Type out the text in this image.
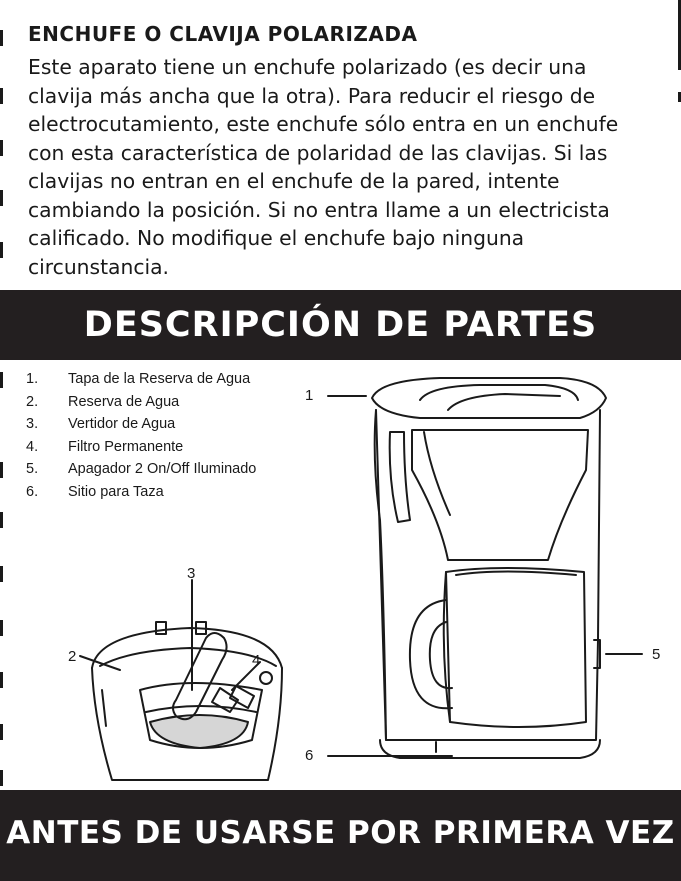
ENCHUFE O CLAVIJA POLARIZADA
Este aparato tiene un enchufe polarizado (es decir una
clavija más ancha que la otra). Para reducir el riesgo de
electrocutamiento, este enchufe sólo entra en un enchufe
con esta característica de polaridad de las clavijas. Si las
clavijas no entran en el enchufe de la pared, intente
cambiando la posición. Si no entra llame a un electricista
calificado. No modifique el enchufe bajo ninguna
circunstancia.
DESCRIPCIÓN DE PARTES
1. Tapa de la Reserva de Agua
2. Reserva de Agua
3. Vertidor de Agua
4. Filtro Permanente
5. Apagador 2 On/Off Iluminado
6. Sitio para Taza
1
2
3
4	5
6
ANTES DE USARSE POR PRIMERA VEZ
